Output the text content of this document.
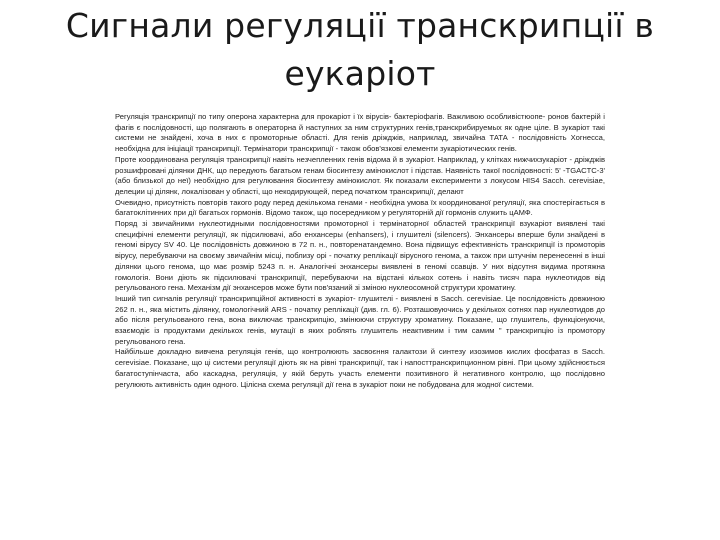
Сигнали регуляції транскрипції в еукаріот

Регуляція транскрипції по типу оперона характерна для прокаріот і їх вірусів- бактеріофагів. Важливою особливістюопе- ронов бактерій і фагів є послідовності, що полягають в операторна й наступних за ним структурних генів,транскрибируемых як одне ціле. В зукаріот такі системи не знайдені, хоча в них є промоторные області. Для генів дріжджів, наприклад, звичайна ТАТА - послідовність Хогнесса, необхідна для ініціації транскрипції. Термінатори транскрипції - також обов'язкові елементи зукаріотических генів.

Проте координована регуляція транскрипції навіть незчепленних генів відома й в зукаріот. Наприклад, у клітках нижчихзукаріот - дріжджів розшифровані ділянки ДНК, що передують багатьом генам біосинтезу амінокислот і підстав. Наявність такої послідовності: 5' -TGACTC-3' (або близької до неї) необхідно для регулювання біосинтезу амінокислот. Як показали експерименти з локусом HIS4 Sacch. cerevisiae, делеции ці ділянк, локалізован у області, що некодирующей, перед початком транскрипції, делают

Очевидно, присутність повторів такого роду перед декількома генами - необхідна умова їх координованої регуляції, яка спостерігається в багатоклітинних при дії багатьох гормонів. Відомо також, що посередником у регуляторній дії гормонів служить цАМФ.

Поряд зі звичайними нуклеотидными послідовностями промоторної і термінаторної областей транскрипції взукаріот виявлені такі специфічні елементи регуляції, як підсилювачі, або енхансеры (enhansers), і глушителі (silencers). Энхансеры вперше були знайдені в геномі вірусу SV 40. Це послідовність довжиною в 72 п. н., повторенатандемно. Вона підвищує ефективність транскрипції із промоторів вірусу, перебуваючи на своєму звичайнім місці, поблизу орі - початку реплікації вірусного генома, а також при штучнім перенесенні в інші ділянки цього генома, що має розмір 5243 п. н. Аналогічні энхансеры виявлені в геномі ссавців. У них відсутня видима протяжна гомологія. Вони діють як підсилювачі транскрипції, перебуваючи на відстані кількох сотень і навіть тисяч пара нуклеотидов від регульованого гена. Механізм дії энхансеров може бути пов'язаний зі зміною нуклеосомной структури хроматину.

Інший тип сигналів регуляції транскрипційної активності в зукаріот- глушителі - виявлені в Sacch. cerevisiae. Це послідовність довжиною 262 п. н., яка містить ділянку, гомологічний ARS - початку реплікації (див. гл. 6). Розташовуючись у декількох сотнях пар нуклеотидов до або після регульованого гена, вона виключає транскрипцію, змінюючи структуру хроматину. Показане, що глушитель, функціонуючи, взаємодіє із продуктами декількох генів, мутації в яких роблять глушитель неактивним і тим самим " транскрипцію із промотору регульованого гена.

Найбільше докладно вивчена регуляція генів, що контролюють засвоєння галактози й синтезу изозимов кислих фосфатаз в Sacch. cerevisiae. Показане, що ці системи регуляції діють як на рівні транскрипції, так і напосттранскрипционном рівні. При цьому здійснюється багатоступінчаста, або каскадна, регуляція, у якій беруть участь елементи позитивного й негативного контролю, що послідовно регулюють активність один одного. Цілісна схема регуляції дії гена в зукаріот поки не побудована для жодної системи.
